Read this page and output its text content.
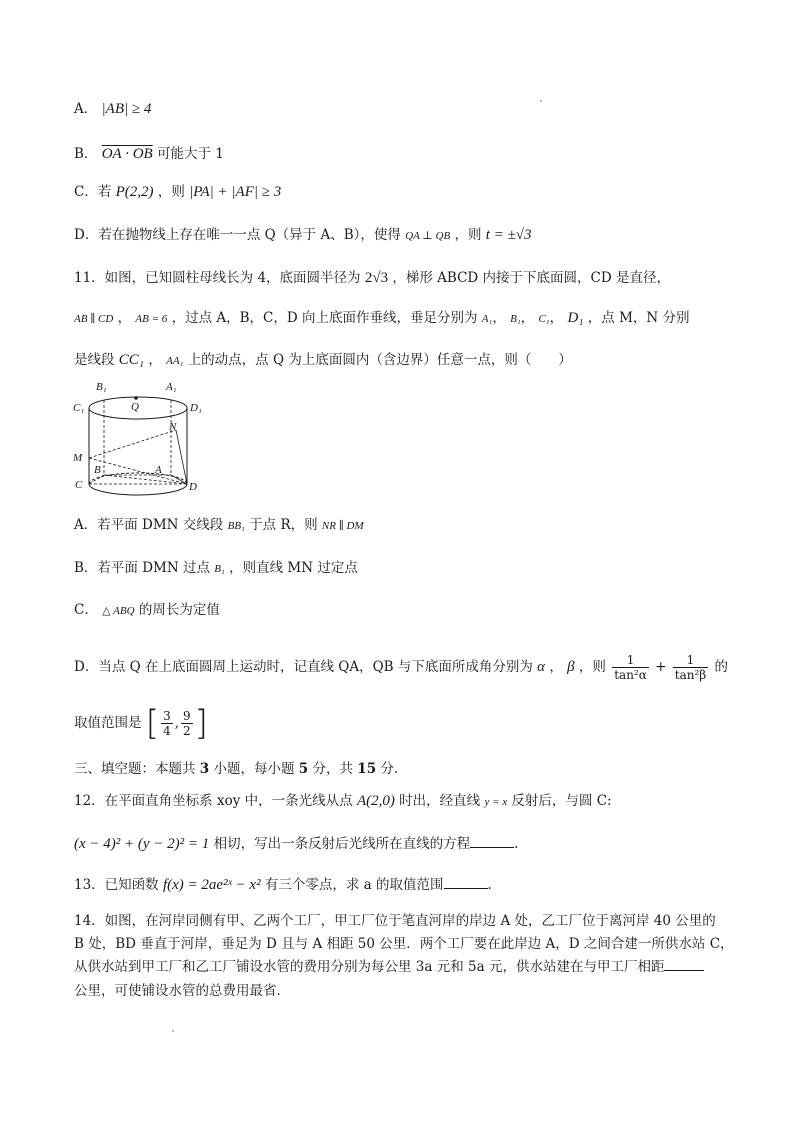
A． |AB| ≥ 4
B． OA · OB 可能大于 1
C．若 P(2,2) ，则 |PA| + |AF| ≥ 3
D．若在抛物线上存在唯一一点 Q（异于 A、B），使得 QA ⊥ QB ，则 t = ±√3
11．如图，已知圆柱母线长为 4，底面圆半径为 2√3 ，梯形 ABCD 内接于下底面圆，CD 是直径，
AB ∥ CD ， AB = 6 ，过点 A，B，C，D 向上底面作垂线，垂足分别为 A₁， B₁， C₁， D₁ ，点 M，N 分别
是线段 CC₁ ， AA₁ 上的动点，点 Q 为上底面圆内（含边界）任意一点，则（　　）
B₁	A₁
Q
C₁	D₁
N
M
B	A
C	D
A．若平面 DMN 交线段 BB₁ 于点 R，则 NR ∥ DM
B．若平面 DMN 过点 B₁ ，则直线 MN 过定点
C． △ ABQ 的周长为定值
D．当点 Q 在上底面圆周上运动时，记直线 QA，QB 与下底面所成角分别为 α ， β ，则 $\frac{1}{\text{tan²α}} + \frac{1}{\text{tan²β}}$ 的
取值范围是 [ $\frac{3}{4}$ , $\frac{9}{2}$ ]
三、填空题：本题共 3 小题，每小题 5 分，共 15 分.
12．在平面直角坐标系 xoy 中，一条光线从点 A(2,0) 时出，经直线 y = x 反射后，与圆 C:
(x − 4)² + (y − 2)² = 1 相切，写出一条反射后光线所在直线的方程	.
13．已知函数 f(x) = 2ae²ˣ − x² 有三个零点，求 a 的取值范围	.
14．如图，在河岸同侧有甲、乙两个工厂，甲工厂位于笔直河岸的岸边 A 处，乙工厂位于离河岸 40 公里的
B 处，BD 垂直于河岸，垂足为 D 且与 A 相距 50 公里．两个工厂要在此岸边 A，D 之间合建一所供水站 C，
从供水站到甲工厂和乙工厂铺设水管的费用分别为每公里 3a 元和 5a 元，供水站建在与甲工厂相距
公里，可使铺设水管的总费用最省．
